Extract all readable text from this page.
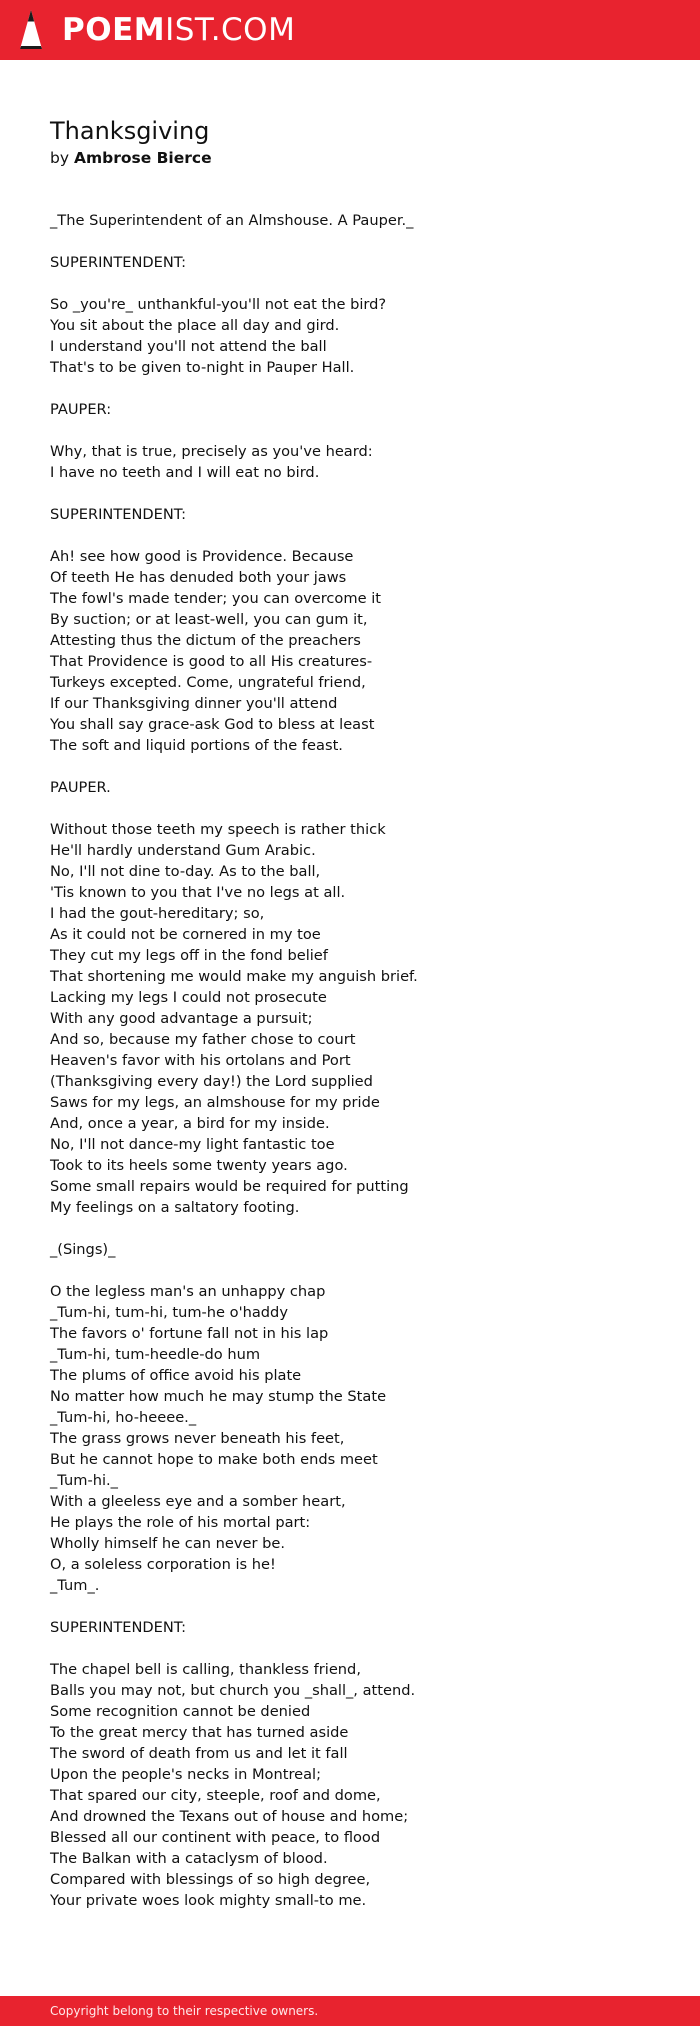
POEMIST.COM
Thanksgiving
by Ambrose Bierce
_The Superintendent of an Almshouse. A Pauper._
SUPERINTENDENT:
So _you're_ unthankful-you'll not eat the bird?
You sit about the place all day and gird.
I understand you'll not attend the ball
That's to be given to-night in Pauper Hall.
PAUPER:
Why, that is true, precisely as you've heard:
I have no teeth and I will eat no bird.
SUPERINTENDENT:
Ah! see how good is Providence. Because
Of teeth He has denuded both your jaws
The fowl's made tender; you can overcome it
By suction; or at least-well, you can gum it,
Attesting thus the dictum of the preachers
That Providence is good to all His creatures-
Turkeys excepted. Come, ungrateful friend,
If our Thanksgiving dinner you'll attend
You shall say grace-ask God to bless at least
The soft and liquid portions of the feast.
PAUPER.
Without those teeth my speech is rather thick
He'll hardly understand Gum Arabic.
No, I'll not dine to-day. As to the ball,
'Tis known to you that I've no legs at all.
I had the gout-hereditary; so,
As it could not be cornered in my toe
They cut my legs off in the fond belief
That shortening me would make my anguish brief.
Lacking my legs I could not prosecute
With any good advantage a pursuit;
And so, because my father chose to court
Heaven's favor with his ortolans and Port
(Thanksgiving every day!) the Lord supplied
Saws for my legs, an almshouse for my pride
And, once a year, a bird for my inside.
No, I'll not dance-my light fantastic toe
Took to its heels some twenty years ago.
Some small repairs would be required for putting
My feelings on a saltatory footing.
_(Sings)_
O the legless man's an unhappy chap
_Tum-hi, tum-hi, tum-he o'haddy
The favors o' fortune fall not in his lap
_Tum-hi, tum-heedle-do hum
The plums of office avoid his plate
No matter how much he may stump the State
_Tum-hi, ho-heeee._
The grass grows never beneath his feet,
But he cannot hope to make both ends meet
_Tum-hi._
With a gleeless eye and a somber heart,
He plays the role of his mortal part:
Wholly himself he can never be.
O, a soleless corporation is he!
_Tum_.
SUPERINTENDENT:
The chapel bell is calling, thankless friend,
Balls you may not, but church you _shall_, attend.
Some recognition cannot be denied
To the great mercy that has turned aside
The sword of death from us and let it fall
Upon the people's necks in Montreal;
That spared our city, steeple, roof and dome,
And drowned the Texans out of house and home;
Blessed all our continent with peace, to flood
The Balkan with a cataclysm of blood.
Compared with blessings of so high degree,
Your private woes look mighty small-to me.
Copyright belong to their respective owners.
